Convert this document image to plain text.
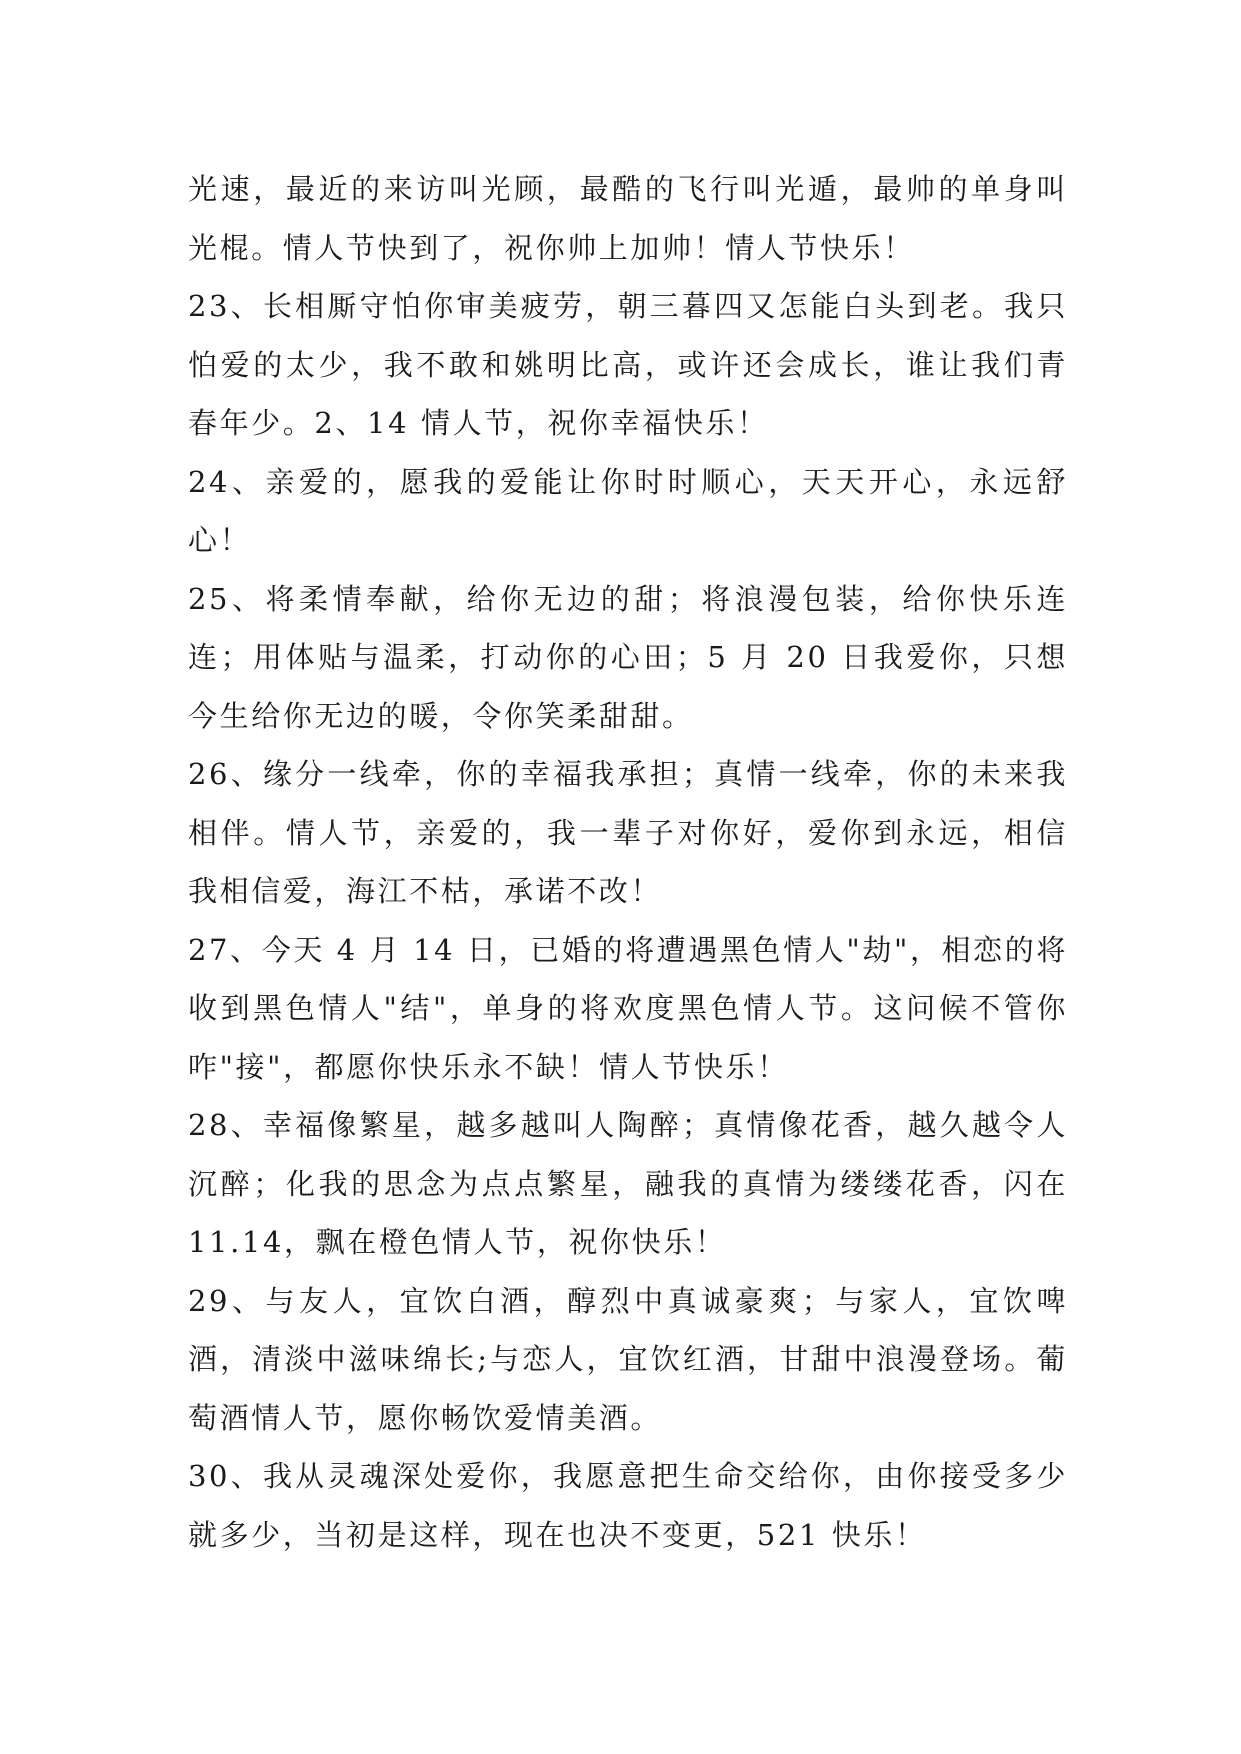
光速，最近的来访叫光顾，最酷的飞行叫光遁，最帅的单身叫光棍。情人节快到了，祝你帅上加帅！情人节快乐！

23、长相厮守怕你审美疲劳，朝三暮四又怎能白头到老。我只怕爱的太少，我不敢和姚明比高，或许还会成长，谁让我们青春年少。2、14 情人节，祝你幸福快乐！

24、亲爱的，愿我的爱能让你时时顺心，天天开心，永远舒心！

25、将柔情奉献，给你无边的甜；将浪漫包装，给你快乐连连；用体贴与温柔，打动你的心田；5 月 20 日我爱你，只想今生给你无边的暖，令你笑柔甜甜。

26、缘分一线牵，你的幸福我承担；真情一线牵，你的未来我相伴。情人节，亲爱的，我一辈子对你好，爱你到永远，相信我相信爱，海江不枯，承诺不改！

27、今天 4 月 14 日，已婚的将遭遇黑色情人"劫"，相恋的将收到黑色情人"结"，单身的将欢度黑色情人节。这问候不管你咋"接"，都愿你快乐永不缺！情人节快乐！

28、幸福像繁星，越多越叫人陶醉；真情像花香，越久越令人沉醉；化我的思念为点点繁星，融我的真情为缕缕花香，闪在 11.14，飘在橙色情人节，祝你快乐！

29、与友人，宜饮白酒，醇烈中真诚豪爽；与家人，宜饮啤酒，清淡中滋味绵长;与恋人，宜饮红酒，甘甜中浪漫登场。葡萄酒情人节，愿你畅饮爱情美酒。

30、我从灵魂深处爱你，我愿意把生命交给你，由你接受多少就多少，当初是这样，现在也决不变更，521 快乐！
